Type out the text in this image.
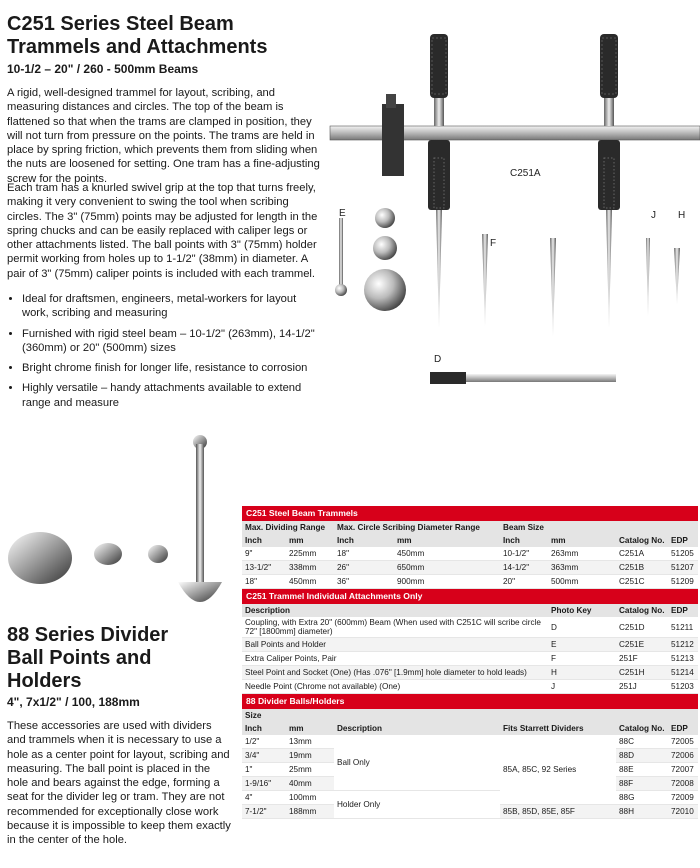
C251 Series Steel Beam
Trammels and Attachments
10-1/2 – 20" / 260 - 500mm Beams

A rigid, well-designed trammel for layout, scribing, and measuring distances and circles. The top of the beam is flattened so that when the trams are clamped in position, they will not turn from pressure on the points. The trams are held in place by spring friction, which prevents them from sliding when the nuts are loosened for setting. One tram has a fine-adjusting screw for the points.

Each tram has a knurled swivel grip at the top that turns freely, making it very convenient to swing the tool when scribing circles. The 3" (75mm) points may be adjusted for length in the spring chucks and can be easily replaced with caliper legs or other attachments listed. The ball points with 3" (75mm) holder permit working from holes up to 1-1/2" (38mm) in diameter. A pair of 3" (75mm) caliper points is included with each trammel.

• Ideal for draftsmen, engineers, metal-workers for layout work, scribing and measuring
• Furnished with rigid steel beam – 10-1/2" (263mm), 14-1/2" (360mm) or 20" (500mm) sizes
• Bright chrome finish for longer life, resistance to corrosion
• Highly versatile – handy attachments available to extend range and measure
C251A
E
F
J H
D
88 Series Divider
Ball Points and
Holders
4", 7x1/2" / 100, 188mm

These accessories are used with dividers and trammels when it is necessary to use a hole as a center point for layout, scribing and measuring. The ball point is placed in the hole and bears against the edge, forming a seat for the divider leg or tram. They are not recommended for exceptionally close work because it is impossible to keep them exactly in the center of the hole.

C251 Steel Beam Trammels
Max. Dividing Range		Max. Circle Scribing Diameter Range		Beam Size			
Inch	mm	Inch	mm	Inch	mm	Catalog No.	EDP
9"	225mm	18"	450mm	10-1/2"	263mm	C251A	51205
13-1/2"	338mm	26"	650mm	14-1/2"	363mm	C251B	51207
18"	450mm	36"	900mm	20"	500mm	C251C	51209
C251 Trammel Individual Attachments Only
Description	Photo Key	Catalog No.	EDP
Coupling, with Extra 20" (600mm) Beam (When used with C251C will scribe circle 72" [1800mm] diameter)	D	C251D	51211
Ball Points and Holder	E	C251E	51212
Extra Caliper Points, Pair	F	251F	51213
Steel Point and Socket (One) (Has .076" [1.9mm] hole diameter to hold leads)	H	C251H	51214
Needle Point (Chrome not available) (One)	J	251J	51203
88 Divider Balls/Holders
Size					
Inch	mm	Description	Fits Starrett Dividers	Catalog No.	EDP
1/2"	13mm	Ball Only	85A, 85C, 92 Series	88C	72005
3/4"	19mm			88D	72006
1"	25mm			88E	72007
1-9/16"	40mm			88F	72008
4"	100mm	Holder Only		88G	72009
7-1/2"	188mm		85B, 85D, 85E, 85F	88H	72010
